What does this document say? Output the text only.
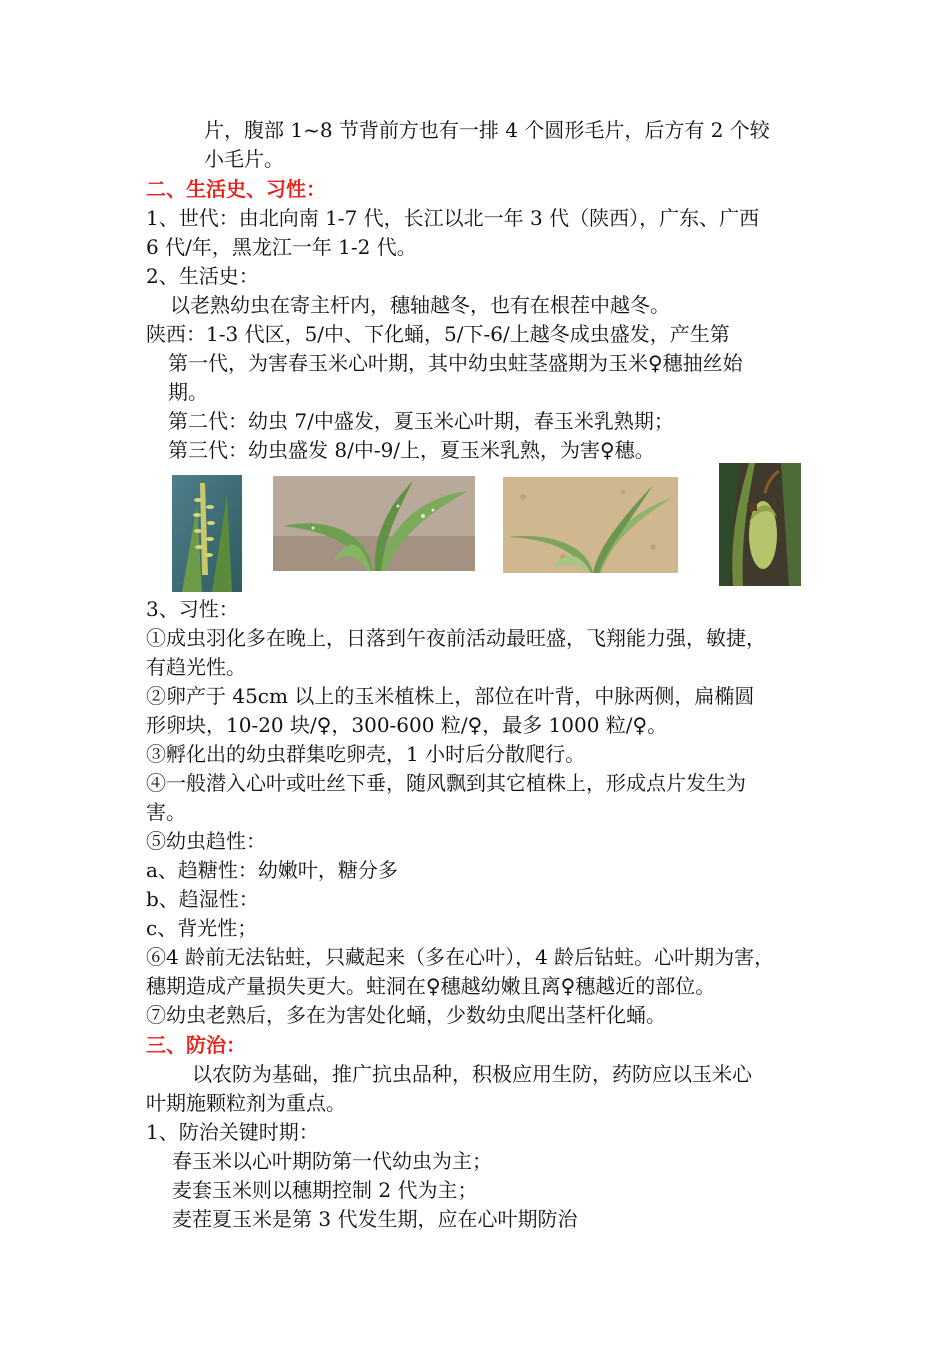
片，腹部 1~8 节背前方也有一排 4 个圆形毛片，后方有 2 个较
小毛片。
二、生活史、习性：
1、世代：由北向南 1-7 代，长江以北一年 3 代（陕西），广东、广西
6 代/年，黑龙江一年 1-2 代。
2、生活史：
以老熟幼虫在寄主杆内，穗轴越冬，也有在根茬中越冬。
陕西：1-3 代区，5/中、下化蛹，5/下-6/上越冬成虫盛发，产生第
第一代，为害春玉米心叶期，其中幼虫蛀茎盛期为玉米♀穗抽丝始
期。
第二代：幼虫 7/中盛发，夏玉米心叶期，春玉米乳熟期；
第三代：幼虫盛发 8/中-9/上，夏玉米乳熟，为害♀穗。
3、习性：
①成虫羽化多在晚上，日落到午夜前活动最旺盛，飞翔能力强，敏捷，
有趋光性。
②卵产于 45cm 以上的玉米植株上，部位在叶背，中脉两侧，扁椭圆
形卵块，10-20 块/♀，300-600 粒/♀，最多 1000 粒/♀。
③孵化出的幼虫群集吃卵壳，1 小时后分散爬行。
④一般潜入心叶或吐丝下垂，随风飘到其它植株上，形成点片发生为
害。
⑤幼虫趋性：
a、趋糖性：幼嫩叶，糖分多
b、趋湿性：
c、背光性；
⑥4 龄前无法钻蛀，只藏起来（多在心叶），4 龄后钻蛀。心叶期为害，
穗期造成产量损失更大。蛀洞在♀穗越幼嫩且离♀穗越近的部位。
⑦幼虫老熟后，多在为害处化蛹，少数幼虫爬出茎杆化蛹。
三、防治：
以农防为基础，推广抗虫品种，积极应用生防，药防应以玉米心
叶期施颗粒剂为重点。
1、防治关键时期：
春玉米以心叶期防第一代幼虫为主；
麦套玉米则以穗期控制 2 代为主；
麦茬夏玉米是第 3 代发生期，应在心叶期防治
